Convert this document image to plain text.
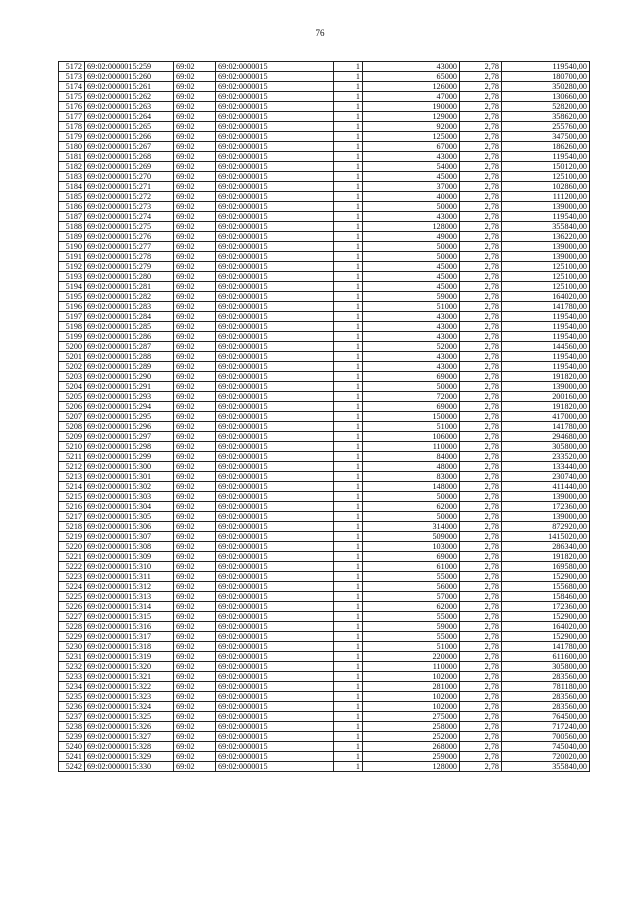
76
5172	69:02:0000015:259	69:02	69:02:0000015	1	43000	2,78	119540,00
5173	69:02:0000015:260	69:02	69:02:0000015	1	65000	2,78	180700,00
5174	69:02:0000015:261	69:02	69:02:0000015	1	126000	2,78	350280,00
5175	69:02:0000015:262	69:02	69:02:0000015	1	47000	2,78	130660,00
5176	69:02:0000015:263	69:02	69:02:0000015	1	190000	2,78	528200,00
5177	69:02:0000015:264	69:02	69:02:0000015	1	129000	2,78	358620,00
5178	69:02:0000015:265	69:02	69:02:0000015	1	92000	2,78	255760,00
5179	69:02:0000015:266	69:02	69:02:0000015	1	125000	2,78	347500,00
5180	69:02:0000015:267	69:02	69:02:0000015	1	67000	2,78	186260,00
5181	69:02:0000015:268	69:02	69:02:0000015	1	43000	2,78	119540,00
5182	69:02:0000015:269	69:02	69:02:0000015	1	54000	2,78	150120,00
5183	69:02:0000015:270	69:02	69:02:0000015	1	45000	2,78	125100,00
5184	69:02:0000015:271	69:02	69:02:0000015	1	37000	2,78	102860,00
5185	69:02:0000015:272	69:02	69:02:0000015	1	40000	2,78	111200,00
5186	69:02:0000015:273	69:02	69:02:0000015	1	50000	2,78	139000,00
5187	69:02:0000015:274	69:02	69:02:0000015	1	43000	2,78	119540,00
5188	69:02:0000015:275	69:02	69:02:0000015	1	128000	2,78	355840,00
5189	69:02:0000015:276	69:02	69:02:0000015	1	49000	2,78	136220,00
5190	69:02:0000015:277	69:02	69:02:0000015	1	50000	2,78	139000,00
5191	69:02:0000015:278	69:02	69:02:0000015	1	50000	2,78	139000,00
5192	69:02:0000015:279	69:02	69:02:0000015	1	45000	2,78	125100,00
5193	69:02:0000015:280	69:02	69:02:0000015	1	45000	2,78	125100,00
5194	69:02:0000015:281	69:02	69:02:0000015	1	45000	2,78	125100,00
5195	69:02:0000015:282	69:02	69:02:0000015	1	59000	2,78	164020,00
5196	69:02:0000015:283	69:02	69:02:0000015	1	51000	2,78	141780,00
5197	69:02:0000015:284	69:02	69:02:0000015	1	43000	2,78	119540,00
5198	69:02:0000015:285	69:02	69:02:0000015	1	43000	2,78	119540,00
5199	69:02:0000015:286	69:02	69:02:0000015	1	43000	2,78	119540,00
5200	69:02:0000015:287	69:02	69:02:0000015	1	52000	2,78	144560,00
5201	69:02:0000015:288	69:02	69:02:0000015	1	43000	2,78	119540,00
5202	69:02:0000015:289	69:02	69:02:0000015	1	43000	2,78	119540,00
5203	69:02:0000015:290	69:02	69:02:0000015	1	69000	2,78	191820,00
5204	69:02:0000015:291	69:02	69:02:0000015	1	50000	2,78	139000,00
5205	69:02:0000015:293	69:02	69:02:0000015	1	72000	2,78	200160,00
5206	69:02:0000015:294	69:02	69:02:0000015	1	69000	2,78	191820,00
5207	69:02:0000015:295	69:02	69:02:0000015	1	150000	2,78	417000,00
5208	69:02:0000015:296	69:02	69:02:0000015	1	51000	2,78	141780,00
5209	69:02:0000015:297	69:02	69:02:0000015	1	106000	2,78	294680,00
5210	69:02:0000015:298	69:02	69:02:0000015	1	110000	2,78	305800,00
5211	69:02:0000015:299	69:02	69:02:0000015	1	84000	2,78	233520,00
5212	69:02:0000015:300	69:02	69:02:0000015	1	48000	2,78	133440,00
5213	69:02:0000015:301	69:02	69:02:0000015	1	83000	2,78	230740,00
5214	69:02:0000015:302	69:02	69:02:0000015	1	148000	2,78	411440,00
5215	69:02:0000015:303	69:02	69:02:0000015	1	50000	2,78	139000,00
5216	69:02:0000015:304	69:02	69:02:0000015	1	62000	2,78	172360,00
5217	69:02:0000015:305	69:02	69:02:0000015	1	50000	2,78	139000,00
5218	69:02:0000015:306	69:02	69:02:0000015	1	314000	2,78	872920,00
5219	69:02:0000015:307	69:02	69:02:0000015	1	509000	2,78	1415020,00
5220	69:02:0000015:308	69:02	69:02:0000015	1	103000	2,78	286340,00
5221	69:02:0000015:309	69:02	69:02:0000015	1	69000	2,78	191820,00
5222	69:02:0000015:310	69:02	69:02:0000015	1	61000	2,78	169580,00
5223	69:02:0000015:311	69:02	69:02:0000015	1	55000	2,78	152900,00
5224	69:02:0000015:312	69:02	69:02:0000015	1	56000	2,78	155680,00
5225	69:02:0000015:313	69:02	69:02:0000015	1	57000	2,78	158460,00
5226	69:02:0000015:314	69:02	69:02:0000015	1	62000	2,78	172360,00
5227	69:02:0000015:315	69:02	69:02:0000015	1	55000	2,78	152900,00
5228	69:02:0000015:316	69:02	69:02:0000015	1	59000	2,78	164020,00
5229	69:02:0000015:317	69:02	69:02:0000015	1	55000	2,78	152900,00
5230	69:02:0000015:318	69:02	69:02:0000015	1	51000	2,78	141780,00
5231	69:02:0000015:319	69:02	69:02:0000015	1	220000	2,78	611600,00
5232	69:02:0000015:320	69:02	69:02:0000015	1	110000	2,78	305800,00
5233	69:02:0000015:321	69:02	69:02:0000015	1	102000	2,78	283560,00
5234	69:02:0000015:322	69:02	69:02:0000015	1	281000	2,78	781180,00
5235	69:02:0000015:323	69:02	69:02:0000015	1	102000	2,78	283560,00
5236	69:02:0000015:324	69:02	69:02:0000015	1	102000	2,78	283560,00
5237	69:02:0000015:325	69:02	69:02:0000015	1	275000	2,78	764500,00
5238	69:02:0000015:326	69:02	69:02:0000015	1	258000	2,78	717240,00
5239	69:02:0000015:327	69:02	69:02:0000015	1	252000	2,78	700560,00
5240	69:02:0000015:328	69:02	69:02:0000015	1	268000	2,78	745040,00
5241	69:02:0000015:329	69:02	69:02:0000015	1	259000	2,78	720020,00
5242	69:02:0000015:330	69:02	69:02:0000015	1	128000	2,78	355840,00
